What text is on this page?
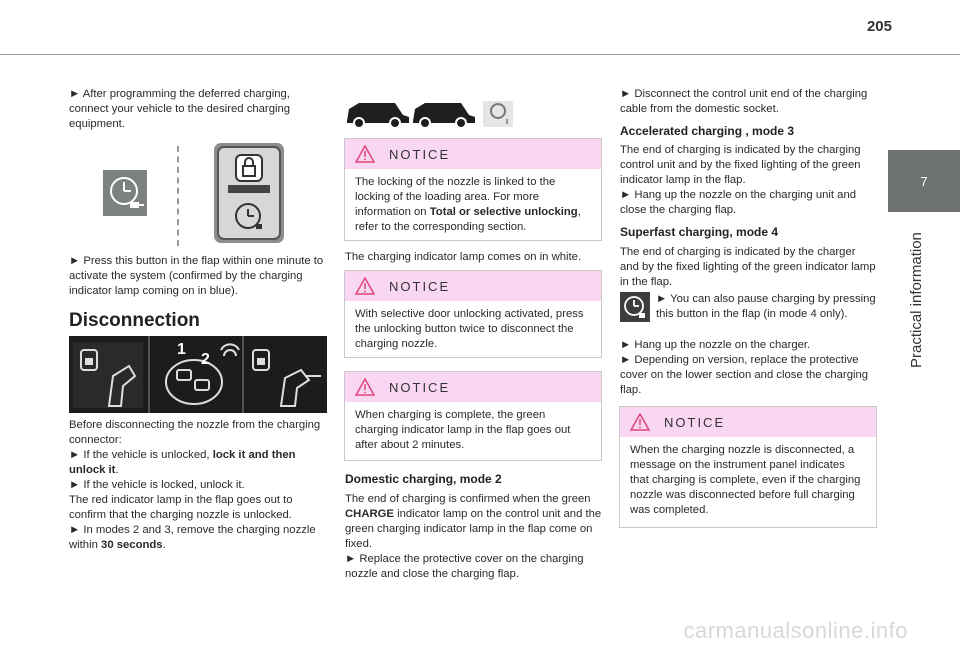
205
7
Practical information

► After programming the deferred charging, connect your vehicle to the desired charging equipment.

► Press this button in the flap within one minute to activate the system (confirmed by the charging indicator lamp coming on in blue).

Disconnection
1
2

Before disconnecting the nozzle from the charging connector:

► If the vehicle is unlocked, lock it and then unlock it.

► If the vehicle is locked, unlock it.

The red indicator lamp in the flap goes out to confirm that the charging nozzle is unlocked.

► In modes 2 and 3, remove the charging nozzle within 30 seconds.

NOTICE
The locking of the nozzle is linked to the locking of the loading area. For more information on Total or selective unlocking, refer to the corresponding section.
The charging indicator lamp comes on in white.
NOTICE
With selective door unlocking activated, press the unlocking button twice to disconnect the charging nozzle.
NOTICE
When charging is complete, the green charging indicator lamp in the flap goes out after about 2 minutes.
Domestic charging, mode 2

The end of charging is confirmed when the green CHARGE indicator lamp on the control unit and the green charging indicator lamp in the flap come on fixed.

► Replace the protective cover on the charging nozzle and close the charging flap.

► Disconnect the control unit end of the charging cable from the domestic socket.
Accelerated charging , mode 3

The end of charging is indicated by the charging control unit and by the fixed lighting of the green indicator lamp in the flap.

► Hang up the nozzle on the charging unit and close the charging flap.

Superfast charging, mode 4
The end of charging is indicated by the charger and by the fixed lighting of the green indicator lamp in the flap.
► You can also pause charging by pressing this button in the flap (in mode 4 only).

► Hang up the nozzle on the charger.

► Depending on version, replace the protective cover on the lower section and close the charging flap.

NOTICE
When the charging nozzle is disconnected, a message on the instrument panel indicates that charging is complete, even if the charging nozzle was disconnected before full charging was completed.
carmanualsonline.info
